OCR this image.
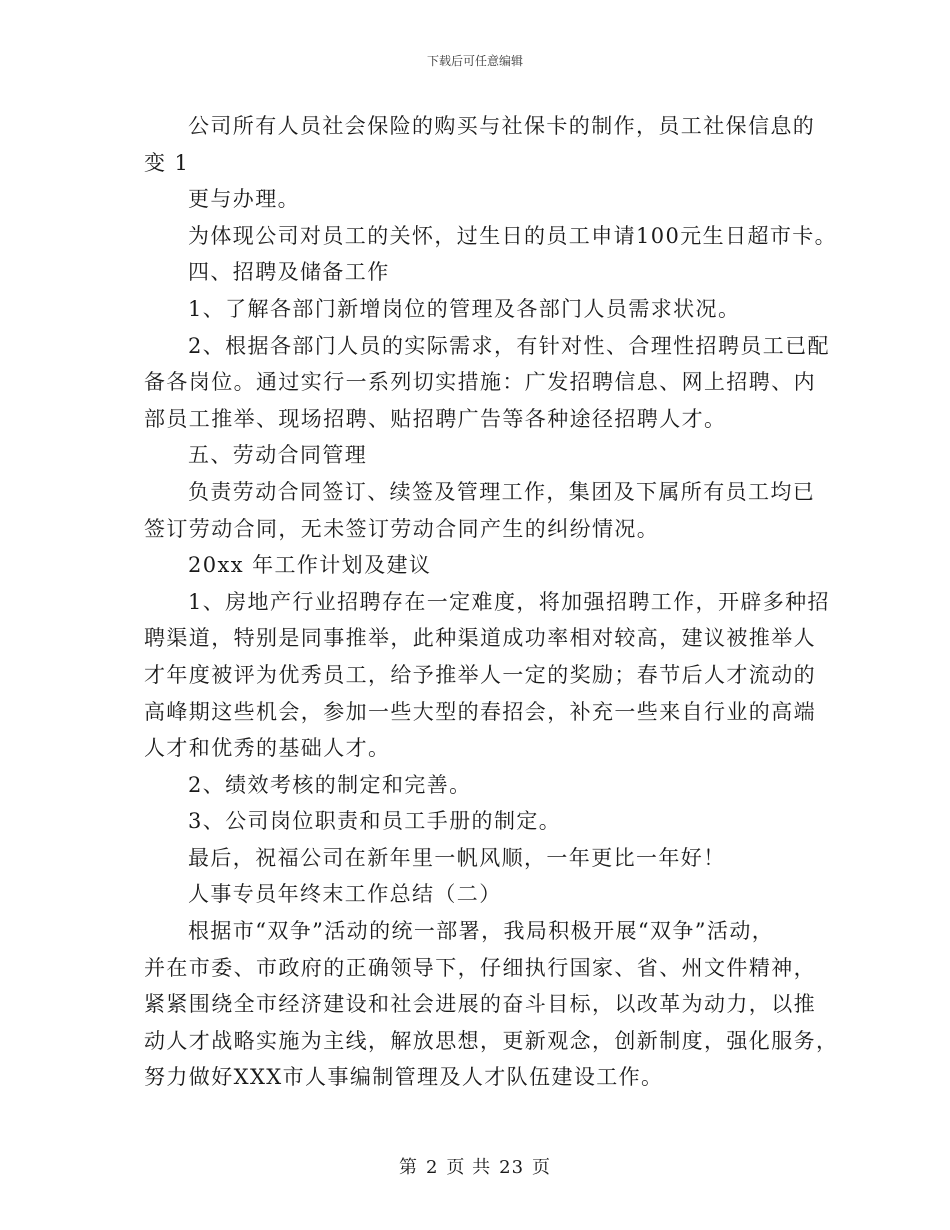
下载后可任意编辑

公司所有人员社会保险的购买与社保卡的制作，员工社保信息的

变 1

更与办理。

为体现公司对员工的关怀，过生日的员工申请100元生日超市卡。

四、招聘及储备工作

1、了解各部门新增岗位的管理及各部门人员需求状况。

2、根据各部门人员的实际需求，有针对性、合理性招聘员工已配

备各岗位。通过实行一系列切实措施：广发招聘信息、网上招聘、内

部员工推举、现场招聘、贴招聘广告等各种途径招聘人才。

五、劳动合同管理

负责劳动合同签订、续签及管理工作，集团及下属所有员工均已

签订劳动合同，无未签订劳动合同产生的纠纷情况。

20xx 年工作计划及建议

1、房地产行业招聘存在一定难度，将加强招聘工作，开辟多种招

聘渠道，特别是同事推举，此种渠道成功率相对较高，建议被推举人

才年度被评为优秀员工，给予推举人一定的奖励；春节后人才流动的

高峰期这些机会，参加一些大型的春招会，补充一些来自行业的高端

人才和优秀的基础人才。

2、绩效考核的制定和完善。

3、公司岗位职责和员工手册的制定。

最后，祝福公司在新年里一帆风顺，一年更比一年好！

人事专员年终末工作总结（二）

根据市“双争”活动的统一部署，我局积极开展“双争”活动，

并在市委、市政府的正确领导下，仔细执行国家、省、州文件精神，

紧紧围绕全市经济建设和社会进展的奋斗目标，以改革为动力，以推

动人才战略实施为主线，解放思想，更新观念，创新制度，强化服务，

努力做好XXX市人事编制管理及人才队伍建设工作。

第 2 页 共 23 页
